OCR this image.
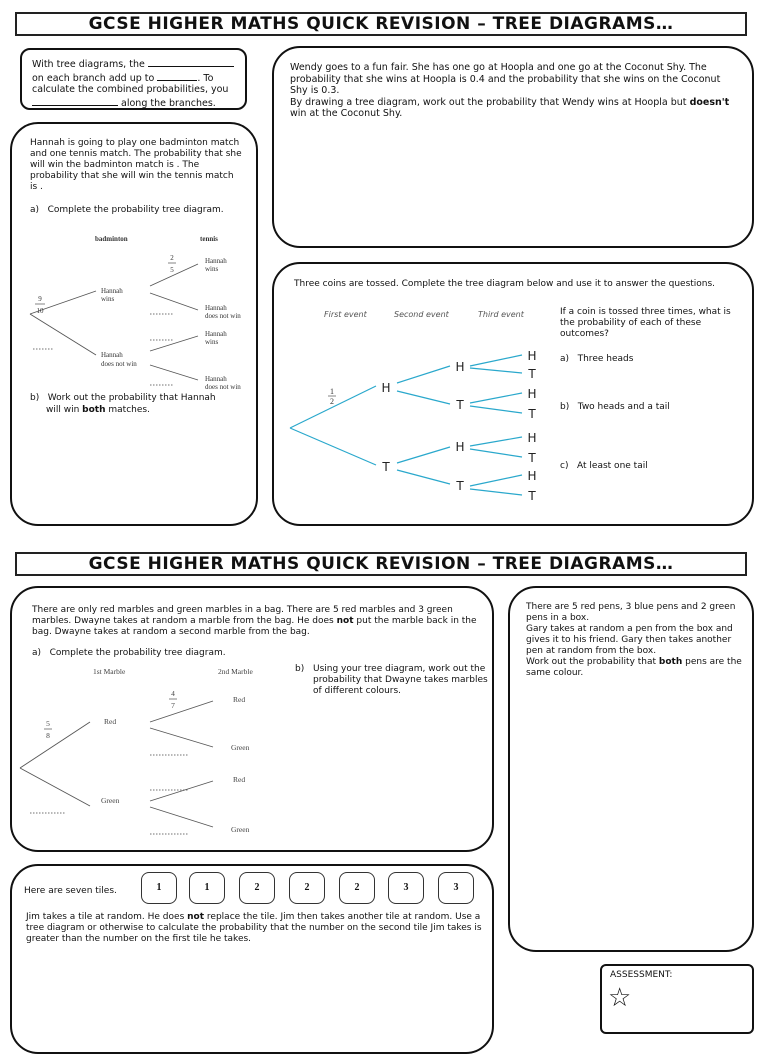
GCSE HIGHER MATHS QUICK REVISION – TREE DIAGRAMS…
With tree diagrams, the
on each branch add up to	. To
calculate the combined probabilities, you
along the branches.
Wendy goes to a fun fair. She has one go at Hoopla and one go at the Coconut Shy. The probability that she wins at Hoopla is 0.4 and the probability that she wins on the Coconut Shy is 0.3.
By drawing a tree diagram, work out the probability that Wendy wins at Hoopla but doesn't win at the Coconut Shy.
Hannah is going to play one badminton match and one tennis match. The probability that she will win the badminton match is . The probability that she will win the tennis match is .
a)   Complete the probability tree diagram.
b)   Work out the probability that Hannah
will win both matches.
badminton	tennis
9
10
2
5
Hannah
wins
Hannah
does not win
Hannah
wins
Hannah
does not win
Hannah
wins
Hannah
does not win
Three coins are tossed. Complete the tree diagram below and use it to answer the questions.
If a coin is tossed three times, what is the probability of each of these outcomes?
a)   Three heads
b)   Two heads and a tail
c)   At least one tail
First event	Second event	Third event
1
2
H
T
H
T
H
T
H
T
H
T
H
T
H
T
GCSE HIGHER MATHS QUICK REVISION – TREE DIAGRAMS…
There are only red marbles and green marbles in a bag. There are 5 red marbles and 3 green marbles. Dwayne takes at random a marble from the bag. He does not put the marble back in the bag. Dwayne takes at random a second marble from the bag.
a)   Complete the probability tree diagram.
b) Using your tree diagram, work out the probability that Dwayne takes marbles of different colours.
1st Marble	2nd Marble
5
8
4
7
Red
Green
Red
Green
Red
Green
There are 5 red pens, 3 blue pens and 2 green pens in a box.
Gary takes at random a pen from the box and gives it to his friend. Gary then takes another pen at random from the box.
Work out the probability that both pens are the same colour.
Here are seven tiles.
Jim takes a tile at random. He does not replace the tile. Jim then takes another tile at random. Use a tree diagram or otherwise to calculate the probability that the number on the second tile Jim takes is greater than the number on the first tile he takes.
1	1	2	2	2	3	3
ASSESSMENT:
☆
